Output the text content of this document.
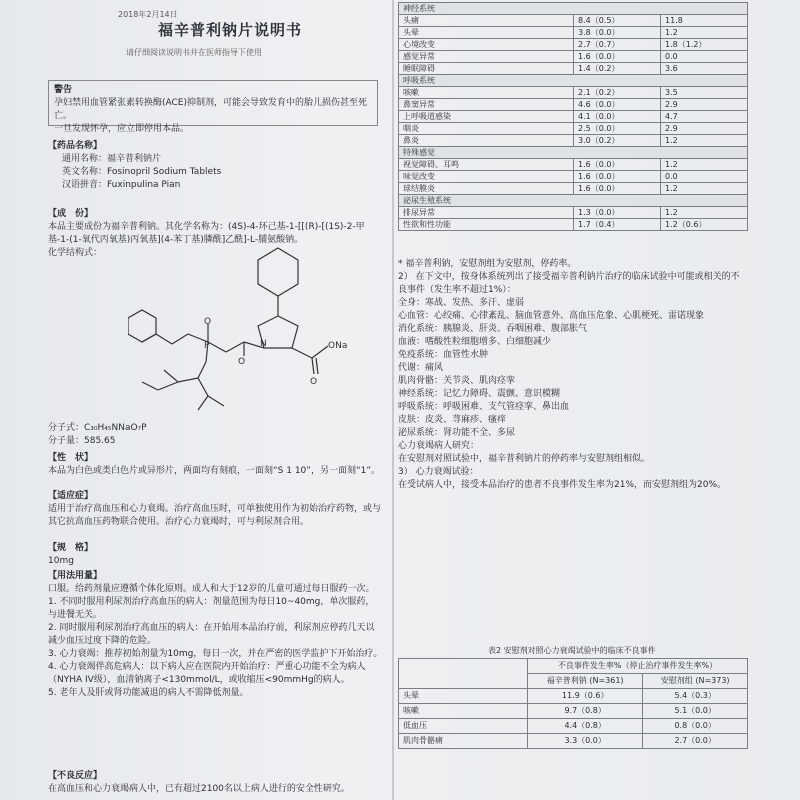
2018年2月14日
福辛普利钠片说明书
请仔细阅读说明书并在医师指导下使用
警告
孕妇禁用血管紧张素转换酶(ACE)抑制剂，可能会导致发育中的胎儿损伤甚至死亡。
一旦发现怀孕，应立即停用本品。
【药品名称】

通用名称：福辛普利钠片

英文名称：Fosinopril Sodium Tablets

汉语拼音：Fuxinpulina Pian

【成　份】

本品主要成份为福辛普利钠。其化学名称为：(4S)-4-环己基-1-[[(R)-[(1S)-2-甲基-1-(1-氧代丙氧基)丙氧基](4-苯丁基)膦酰]乙酰]-L-脯氨酸钠。

化学结构式：

O
P
O
N
O
ONa

分子式：C₃₀H₄₅NNaO₇P

分子量：585.65

【性　状】
本品为白色或类白色片或异形片，两面均有刻痕，一面刻“S 1 10”，另一面刻“1”。
【适应症】
适用于治疗高血压和心力衰竭。治疗高血压时，可单独使用作为初始治疗药物，或与其它抗高血压药物联合使用。治疗心力衰竭时，可与利尿剂合用。
【规　格】
10mg
【用法用量】

口服。给药剂量应遵循个体化原则。成人和大于12岁的儿童可通过每日服药一次。

1. 不同时服用利尿剂治疗高血压的病人：剂量范围为每日10~40mg，单次服药，与进餐无关。

2. 同时服用利尿剂治疗高血压的病人：在开始用本品治疗前，利尿剂应停药几天以减少血压过度下降的危险。

3. 心力衰竭：推荐初始剂量为10mg，每日一次，并在严密的医学监护下开始治疗。

4. 心力衰竭伴高危病人：以下病人应在医院内开始治疗：严重心功能不全为病人（NYHA IV级），血清钠离子<130mmol/L，或收缩压<90mmHg的病人。

5. 老年人及肝或肾功能减退的病人不需降低剂量。

【不良反应】
在高血压和心力衰竭病人中，已有超过2100名以上病人进行的安全性研究。
神经系统		
头痛	8.4（0.5）	11.8
头晕	3.8（0.0）	1.2
心境改变	2.7（0.7）	1.8（1.2）
感觉异常	1.6（0.0）	0.0
睡眠障碍	1.4（0.2）	3.6
呼吸系统		
咳嗽	2.1（0.2）	3.5
鼻窦异常	4.6（0.0）	2.9
上呼吸道感染	4.1（0.0）	4.7
咽炎	2.5（0.0）	2.9
鼻炎	3.0（0.2）	1.2
特殊感觉		
视觉障碍、耳鸣	1.6（0.0）	1.2
味觉改变	1.6（0.0）	0.0
球结膜炎	1.6（0.0）	1.2
泌尿生殖系统		
排尿异常	1.3（0.0）	1.2
性欲和性功能	1.7（0.4）	1.2（0.6）

* 福辛普利钠，安慰剂组为安慰剂，停药率。

2） 在下文中，按身体系统列出了接受福辛普利钠片治疗的临床试验中可能或相关的不良事件（发生率不超过1%）：

全身：寒战、发热、多汗、虚弱

心血管：心绞痛、心律紊乱、脑血管意外、高血压危象、心肌梗死、雷诺现象

消化系统：胰腺炎、肝炎、吞咽困难、腹部胀气

血液：嗜酸性粒细胞增多、白细胞减少

免疫系统：血管性水肿

代谢：痛风

肌肉骨骼：关节炎、肌肉痉挛

神经系统：记忆力障碍、震颤、意识模糊

呼吸系统：呼吸困难、支气管痉挛、鼻出血

皮肤：皮炎、荨麻疹、瘙痒

泌尿系统：肾功能不全、多尿

心力衰竭病人研究：

在安慰剂对照试验中，福辛普利钠片的停药率与安慰剂组相似。

3） 心力衰竭试验：

在受试病人中，接受本品治疗的患者不良事件发生率为21%，而安慰剂组为20%。

表2 安慰剂对照心力衰竭试验中的临床不良事件
	不良事件发生率%（停止治疗事件发生率%）	
	福辛普利钠 (N=361)	安慰剂组 (N=373)
头晕	11.9（0.6）	5.4（0.3）
咳嗽	9.7（0.8）	5.1（0.0）
低血压	4.4（0.8）	0.8（0.0）
肌肉骨骼痛	3.3（0.0）	2.7（0.0）
